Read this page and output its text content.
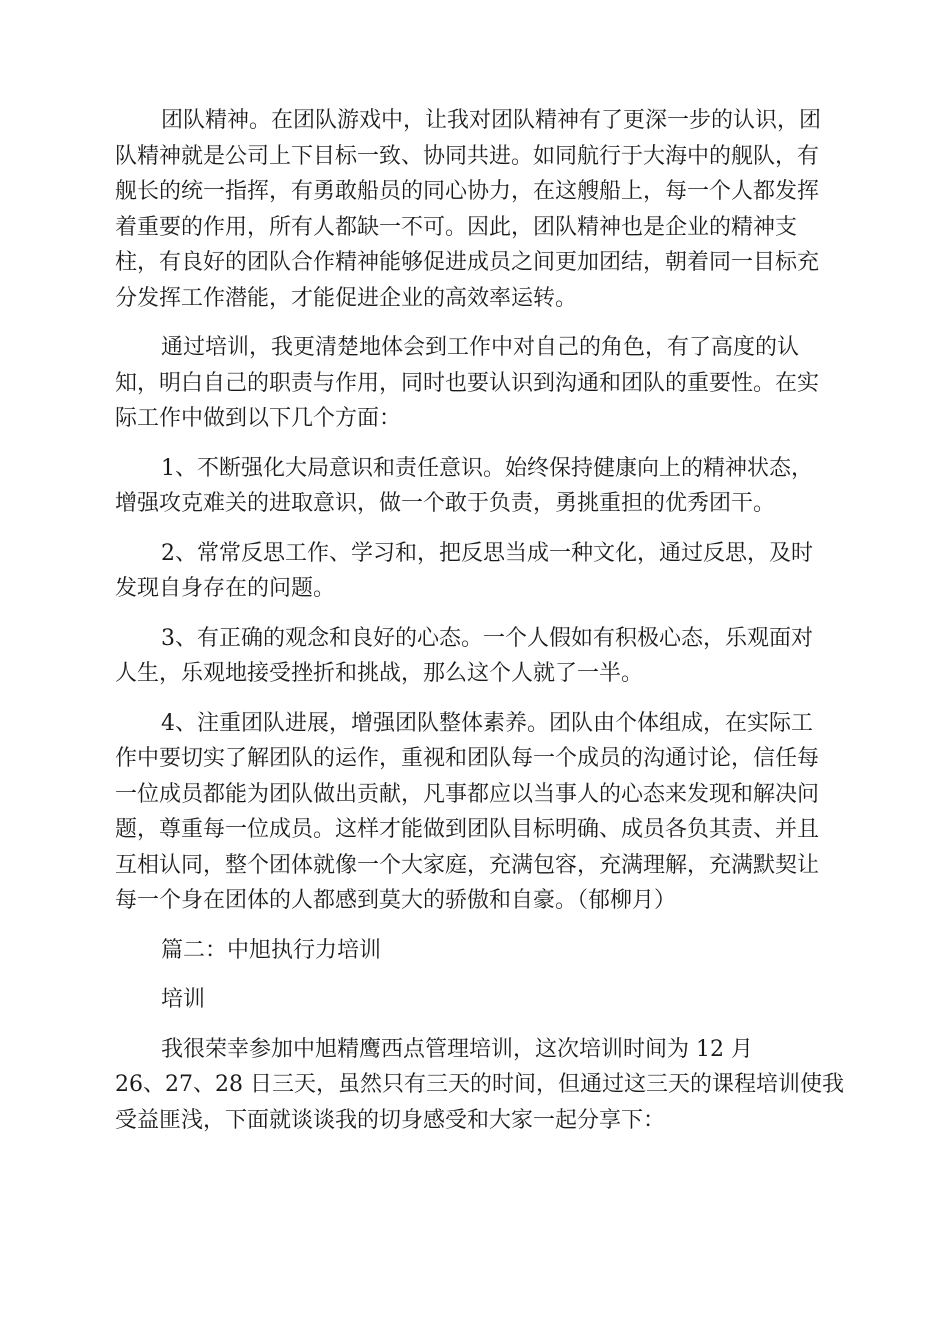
团队精神。在团队游戏中，让我对团队精神有了更深一步的认识，团
队精神就是公司上下目标一致、协同共进。如同航行于大海中的舰队，有
舰长的统一指挥，有勇敢船员的同心协力，在这艘船上，每一个人都发挥
着重要的作用，所有人都缺一不可。因此，团队精神也是企业的精神支
柱，有良好的团队合作精神能够促进成员之间更加团结，朝着同一目标充
分发挥工作潜能，才能促进企业的高效率运转。
通过培训，我更清楚地体会到工作中对自己的角色，有了高度的认
知，明白自己的职责与作用，同时也要认识到沟通和团队的重要性。在实
际工作中做到以下几个方面：
1、不断强化大局意识和责任意识。始终保持健康向上的精神状态，
增强攻克难关的进取意识，做一个敢于负责，勇挑重担的优秀团干。
2、常常反思工作、学习和，把反思当成一种文化，通过反思，及时
发现自身存在的问题。
3、有正确的观念和良好的心态。一个人假如有积极心态，乐观面对
人生，乐观地接受挫折和挑战，那么这个人就了一半。
4、注重团队进展，增强团队整体素养。团队由个体组成，在实际工
作中要切实了解团队的运作，重视和团队每一个成员的沟通讨论，信任每
一位成员都能为团队做出贡献，凡事都应以当事人的心态来发现和解决问
题，尊重每一位成员。这样才能做到团队目标明确、成员各负其责、并且
互相认同，整个团体就像一个大家庭，充满包容，充满理解，充满默契让
每一个身在团体的人都感到莫大的骄傲和自豪。（郁柳月）
篇二：中旭执行力培训
培训
我很荣幸参加中旭精鹰西点管理培训，这次培训时间为 12 月
26、27、28 日三天，虽然只有三天的时间，但通过这三天的课程培训使我
受益匪浅，下面就谈谈我的切身感受和大家一起分享下：
